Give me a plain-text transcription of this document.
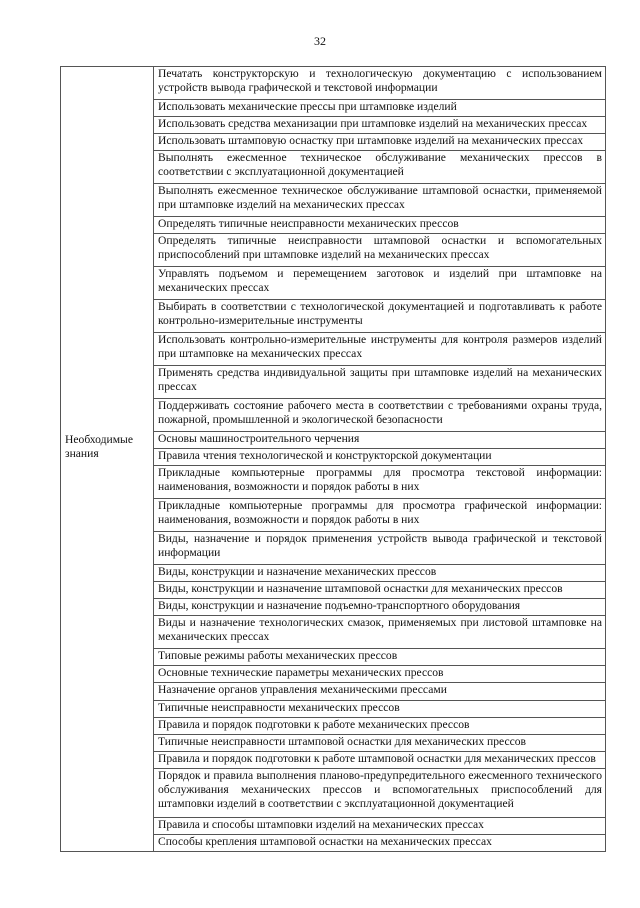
32
	Печатать конструкторскую и технологическую документацию с использованием устройств вывода графической и текстовой информации
	Использовать механические прессы при штамповке изделий
	Использовать средства механизации при штамповке изделий на механических прессах
	Использовать штамповую оснастку при штамповке изделий на механических прессах
	Выполнять ежесменное техническое обслуживание механических прессов в соответствии с эксплуатационной документацией
	Выполнять ежесменное техническое обслуживание штамповой оснастки, применяемой при штамповке изделий на механических прессах
	Определять типичные неисправности механических прессов
	Определять типичные неисправности штамповой оснастки и вспомогательных приспособлений при штамповке изделий на механических прессах
	Управлять подъемом и перемещением заготовок и изделий при штамповке на механических прессах
	Выбирать в соответствии с технологической документацией и подготавливать к работе контрольно-измерительные инструменты
	Использовать контрольно-измерительные инструменты для контроля размеров изделий при штамповке на механических прессах
	Применять средства индивидуальной защиты при штамповке изделий на механических прессах
	Поддерживать состояние рабочего места в соответствии с требованиями охраны труда, пожарной, промышленной и экологической безопасности

Необходимые знания	Основы машиностроительного черчения
	Правила чтения технологической и конструкторской документации
	Прикладные компьютерные программы для просмотра текстовой информации: наименования, возможности и порядок работы в них
	Прикладные компьютерные программы для просмотра графической информации: наименования, возможности и порядок работы в них
	Виды, назначение и порядок применения устройств вывода графической и текстовой информации
	Виды, конструкции и назначение механических прессов
	Виды, конструкции и назначение штамповой оснастки для механических прессов
	Виды, конструкции и назначение подъемно-транспортного оборудования
	Виды и назначение технологических смазок, применяемых при листовой штамповке на механических прессах
	Типовые режимы работы механических прессов
	Основные технические параметры механических прессов
	Назначение органов управления механическими прессами
	Типичные неисправности механических прессов
	Правила и порядок подготовки к работе механических прессов
	Типичные неисправности штамповой оснастки для механических прессов
	Правила и порядок подготовки к работе штамповой оснастки для механических прессов
	Порядок и правила выполнения планово-предупредительного ежесменного технического обслуживания механических прессов и вспомогательных приспособлений для штамповки изделий в соответствии с эксплуатационной документацией
	Правила и способы штамповки изделий на механических прессах
	Способы крепления штамповой оснастки на механических прессах
